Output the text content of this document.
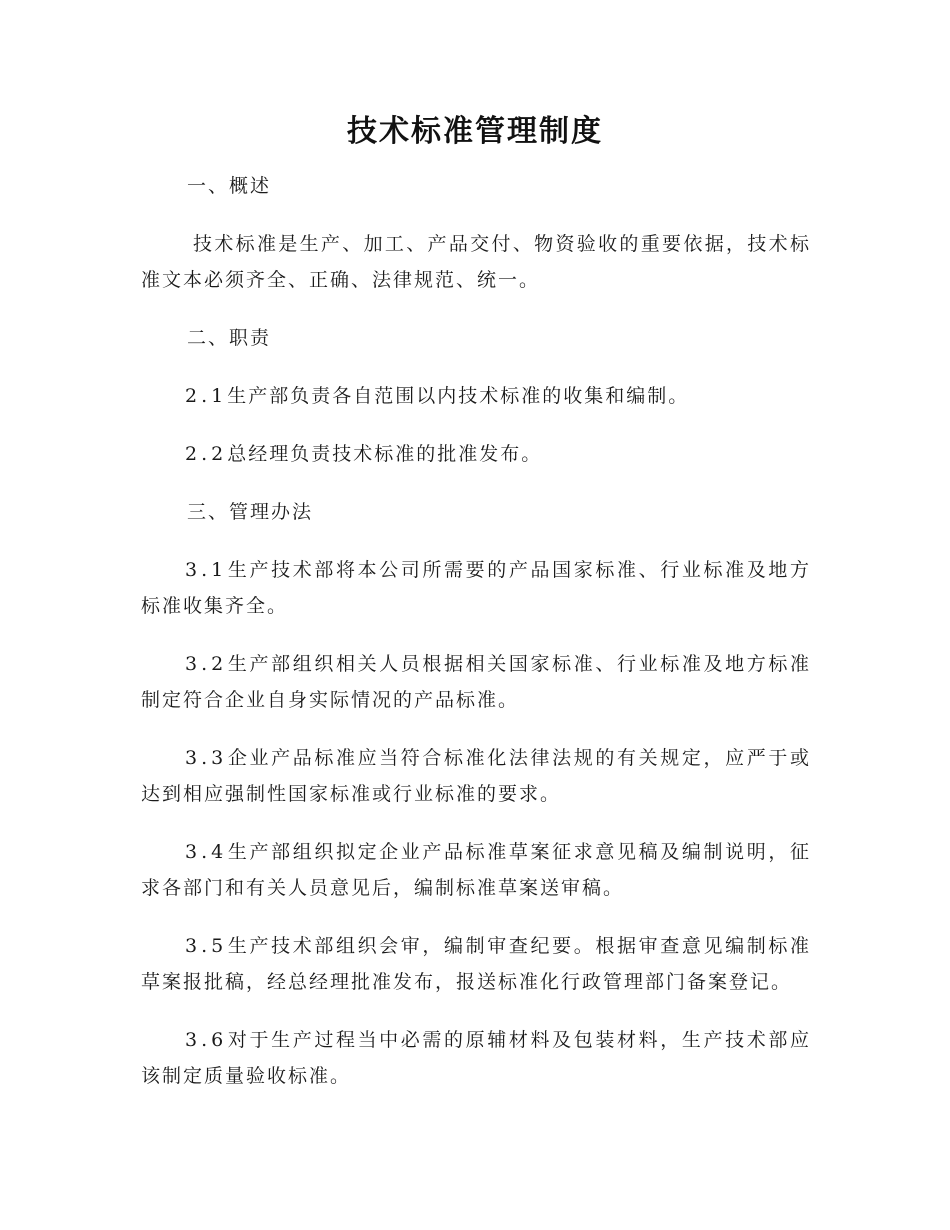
技术标准管理制度

一、概述

技术标准是生产、加工、产品交付、物资验收的重要依据，技术标准文本必须齐全、正确、法律规范、统一。

二、职责

2.1生产部负责各自范围以内技术标准的收集和编制。

2.2总经理负责技术标准的批准发布。

三、管理办法

3.1生产技术部将本公司所需要的产品国家标准、行业标准及地方标准收集齐全。

3.2生产部组织相关人员根据相关国家标准、行业标准及地方标准制定符合企业自身实际情况的产品标准。

3.3企业产品标准应当符合标准化法律法规的有关规定，应严于或达到相应强制性国家标准或行业标准的要求。

3.4生产部组织拟定企业产品标准草案征求意见稿及编制说明，征求各部门和有关人员意见后，编制标准草案送审稿。

3.5生产技术部组织会审，编制审查纪要。根据审查意见编制标准草案报批稿，经总经理批准发布，报送标准化行政管理部门备案登记。

3.6对于生产过程当中必需的原辅材料及包装材料，生产技术部应该制定质量验收标准。
